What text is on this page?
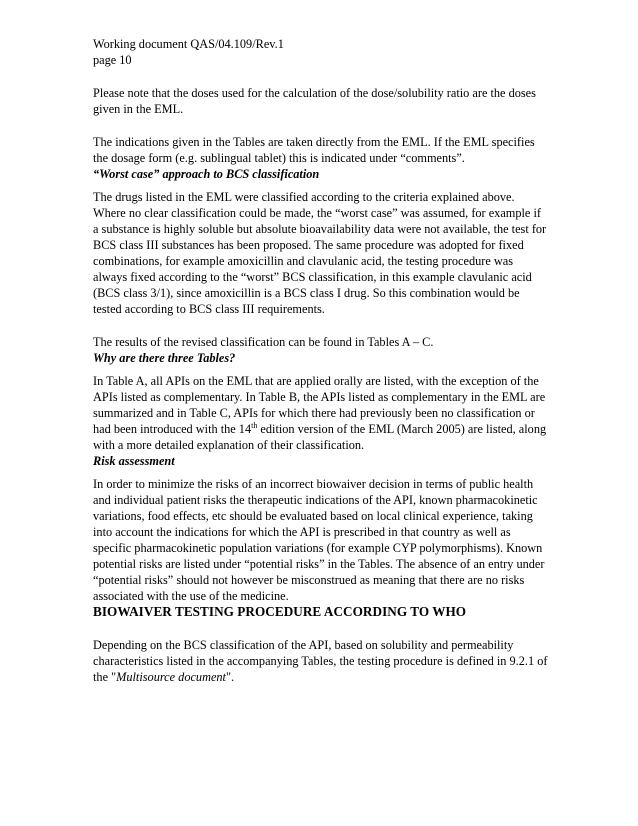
Working document QAS/04.109/Rev.1

page 10

Please note that the doses used for the calculation of the dose/solubility ratio are the doses given in the EML.

The indications given in the Tables are taken directly from the EML. If the EML specifies the dosage form (e.g. sublingual tablet) this is indicated under “comments”.

“Worst case” approach to BCS classification

The drugs listed in the EML were classified according to the criteria explained above. Where no clear classification could be made, the “worst case” was assumed, for example if a substance is highly soluble but absolute bioavailability data were not available, the test for BCS class III substances has been proposed. The same procedure was adopted for fixed combinations, for example amoxicillin and clavulanic acid, the testing procedure was always fixed according to the “worst” BCS classification, in this example clavulanic acid (BCS class 3/1), since amoxicillin is a BCS class I drug. So this combination would be tested according to BCS class III requirements.

The results of the revised classification can be found in Tables A – C.

Why are there three Tables?

In Table A, all APIs on the EML that are applied orally are listed, with the exception of the APIs listed as complementary. In Table B, the APIs listed as complementary in the EML are summarized and in Table C, APIs for which there had previously been no classification or had been introduced with the 14th edition version of the EML (March 2005) are listed, along with a more detailed explanation of their classification.

Risk assessment

In order to minimize the risks of an incorrect biowaiver decision in terms of public health and individual patient risks the therapeutic indications of the API, known pharmacokinetic variations, food effects, etc should be evaluated based on local clinical experience, taking into account the indications for which the API is prescribed in that country as well as specific pharmacokinetic population variations (for example CYP polymorphisms). Known potential risks are listed under “potential risks” in the Tables. The absence of an entry under “potential risks” should not however be misconstrued as meaning that there are no risks associated with the use of the medicine.

BIOWAIVER TESTING PROCEDURE ACCORDING TO WHO

Depending on the BCS classification of the API, based on solubility and permeability characteristics listed in the accompanying Tables, the testing procedure is defined in 9.2.1 of the "Multisource document".
